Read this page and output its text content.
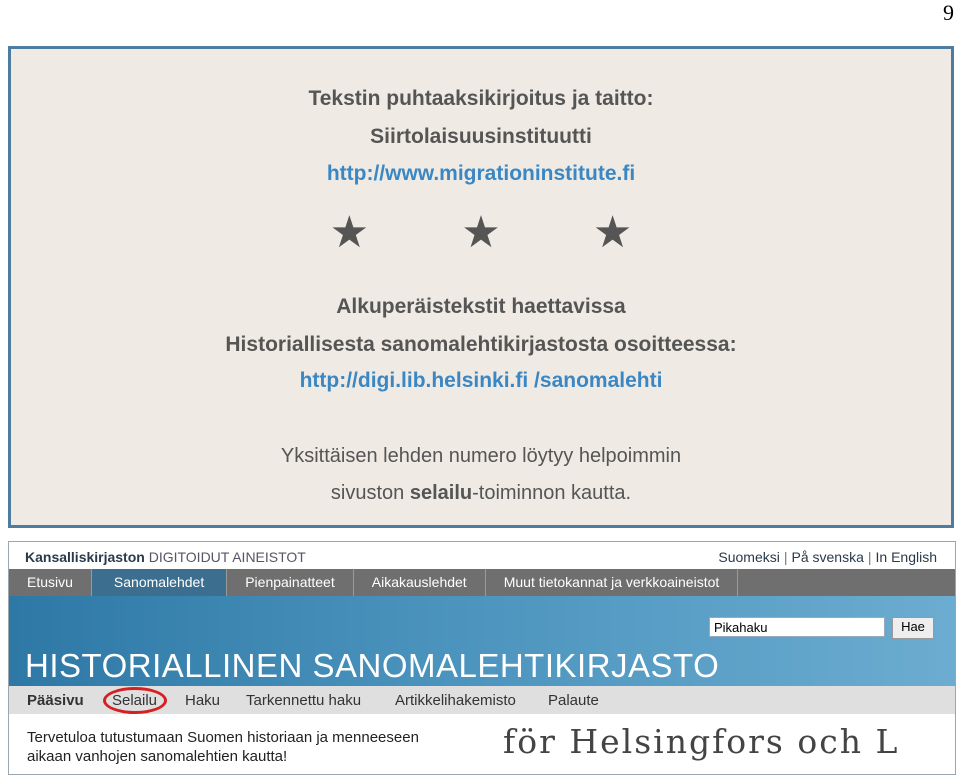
9
Tekstin puhtaaksikirjoitus ja taitto:
Siirtolaisuusinstituutti
http://www.migrationinstitute.fi
★ ★ ★
Alkuperäistekstit haettavissa
Historiallisesta sanomalehtikirjastosta osoitteessa:
http://digi.lib.helsinki.fi /sanomalehti
Yksittäisen lehden numero löytyy helpoimmin
sivuston selailu-toiminnon kautta.
Kansalliskirjaston DIGITOIDUT AINEISTOT	Suomeksi | På svenska | In English
Etusivu	Sanomalehdet	Pienpainatteet	Aikakauslehdet	Muut tietokannat ja verkkoaineistot
Pikahaku
Hae
HISTORIALLINEN SANOMALEHTIKIRJASTO
Pääsivu Selailu Haku Tarkennettu haku Artikkelihakemisto Palaute
Tervetuloa tutustumaan Suomen historiaan ja menneeseen
aikaan vanhojen sanomalehtien kautta!	för Helsingfors och L
